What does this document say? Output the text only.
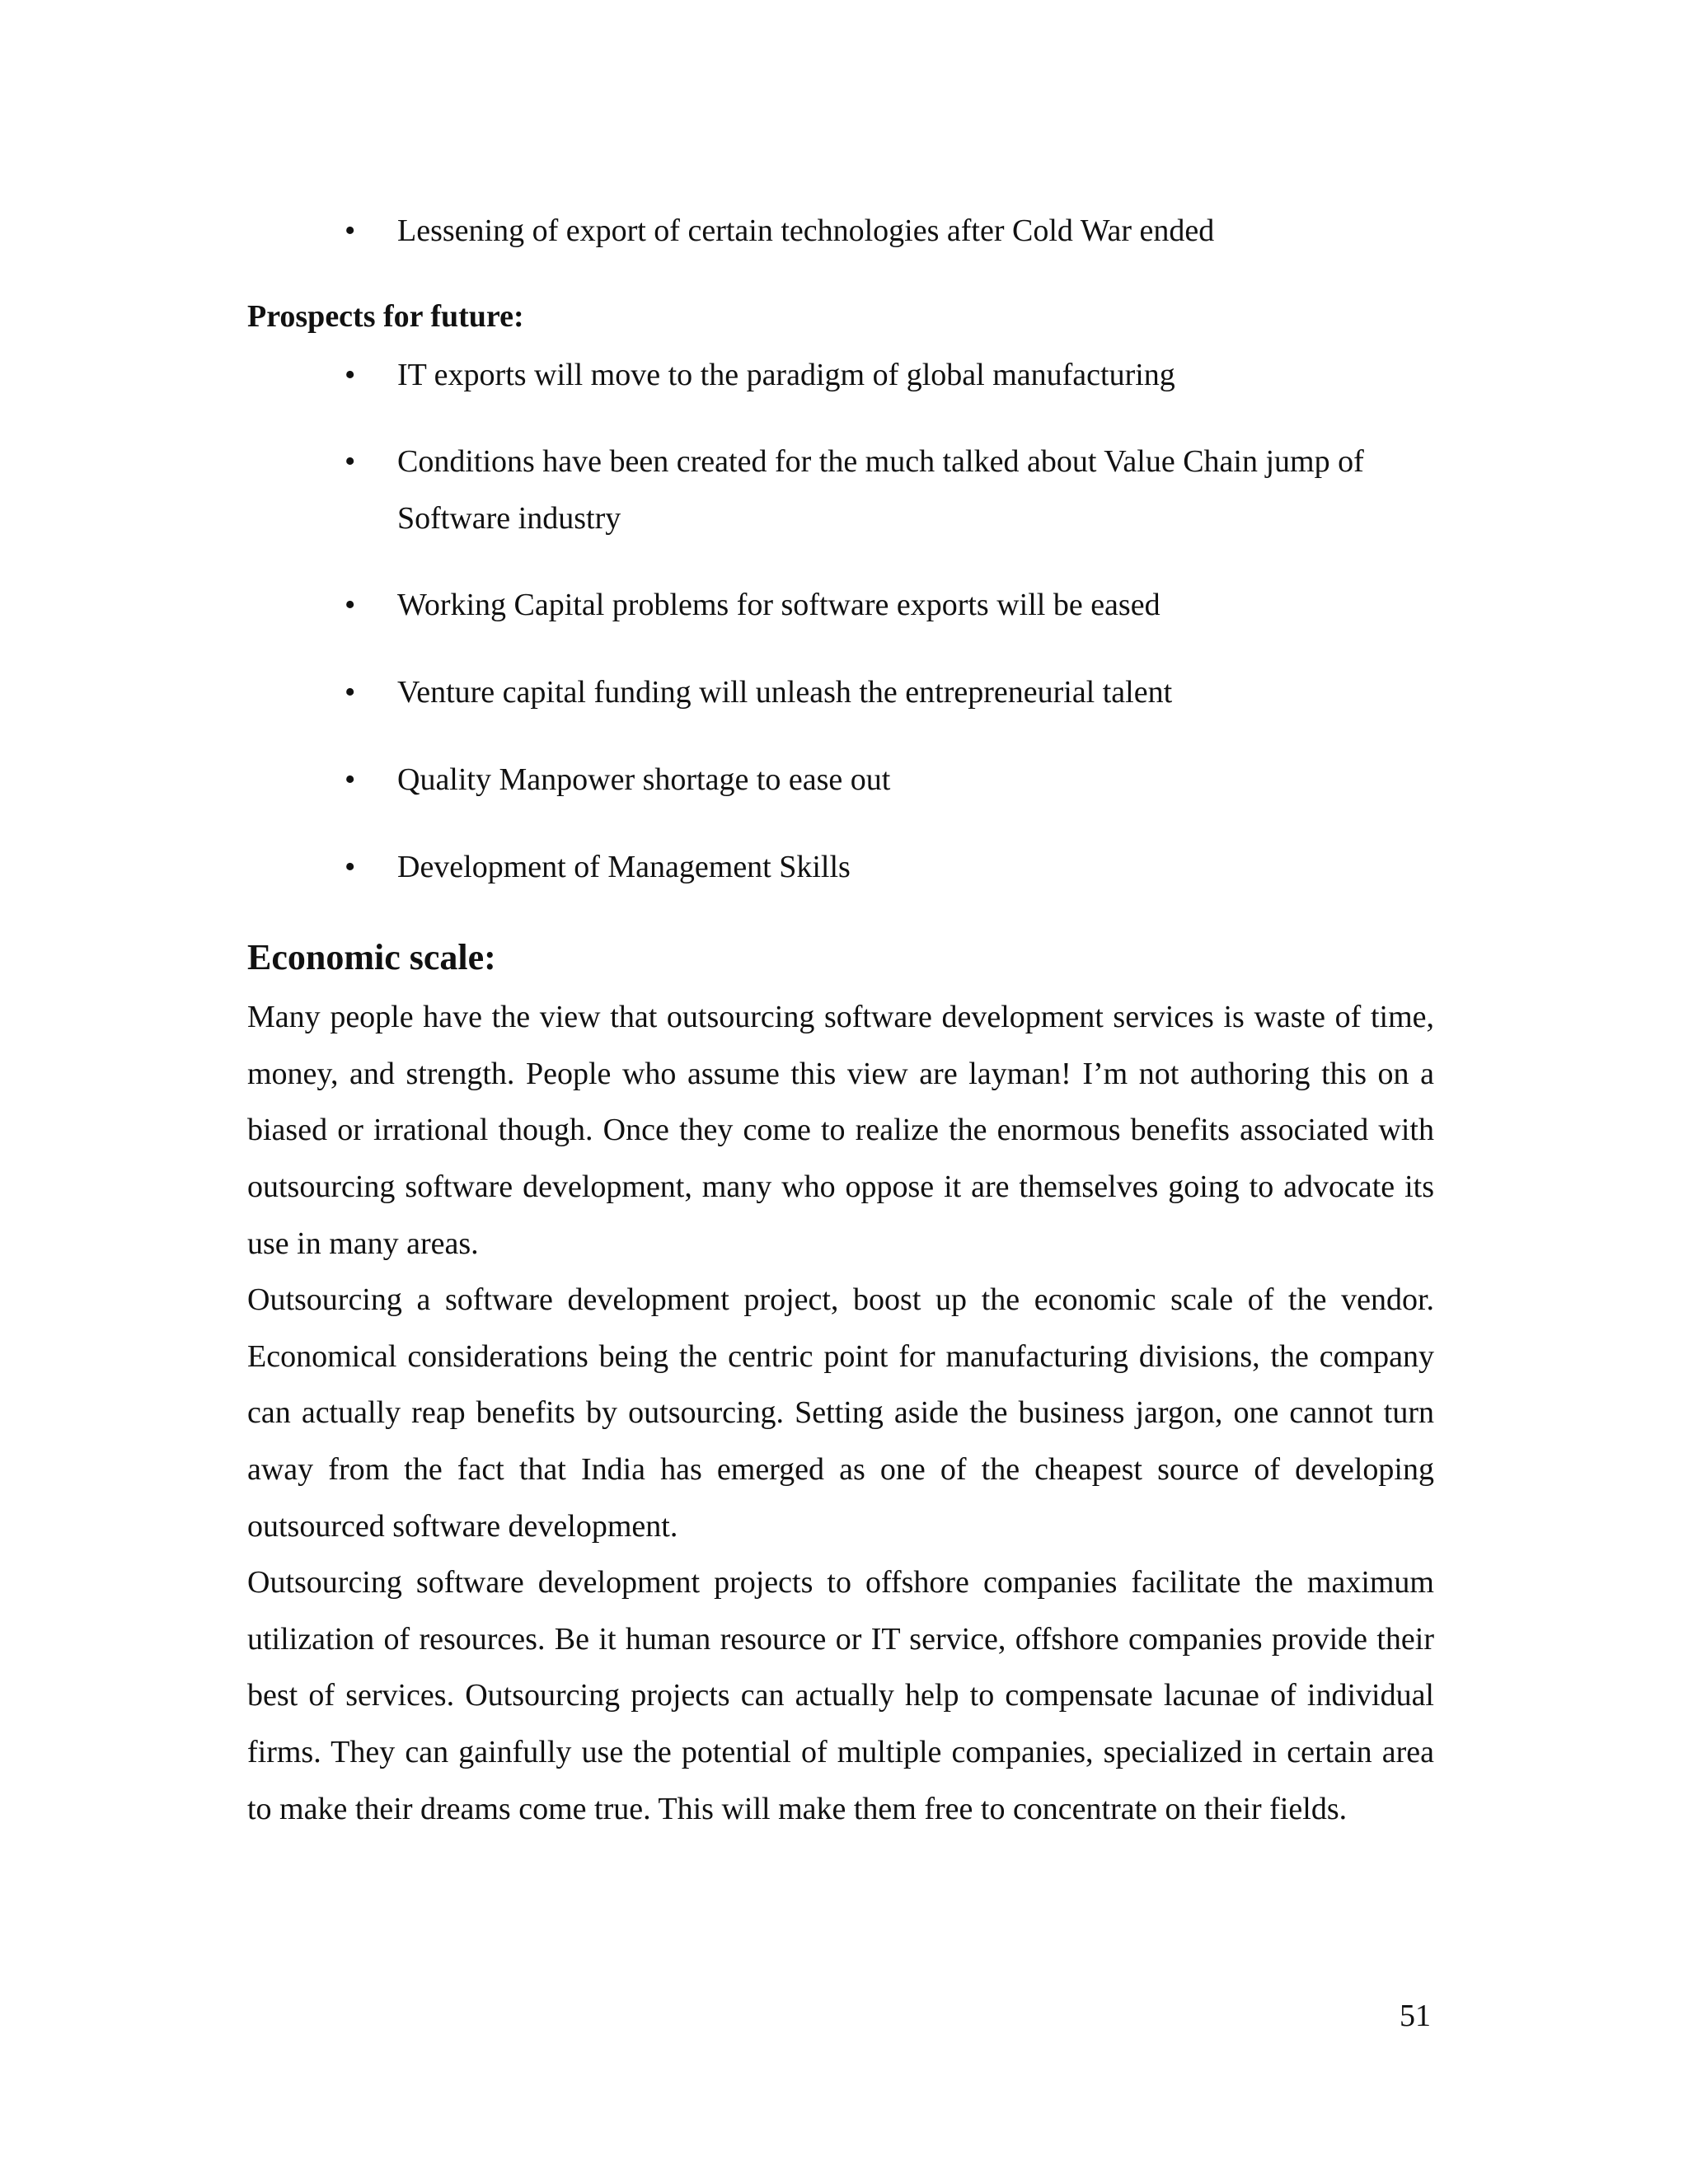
• Lessening of export of certain technologies after Cold War ended
Prospects for future:
• IT exports will move to the paradigm of global manufacturing
• Conditions have been created for the much talked about Value Chain jump of Software industry
• Working Capital problems for software exports will be eased
• Venture capital funding will unleash the entrepreneurial talent
• Quality Manpower shortage to ease out
• Development of Management Skills
Economic scale:

Many people have the view that outsourcing software development services is waste of time, money, and strength. People who assume this view are layman! I’m not authoring this on a biased or irrational though. Once they come to realize the enormous benefits associated with outsourcing software development, many who oppose it are themselves going to advocate its use in many areas.

Outsourcing a software development project, boost up the economic scale of the vendor. Economical considerations being the centric point for manufacturing divisions, the company can actually reap benefits by outsourcing. Setting aside the business jargon, one cannot turn away from the fact that India has emerged as one of the cheapest source of developing outsourced software development.

Outsourcing software development projects to offshore companies facilitate the maximum utilization of resources. Be it human resource or IT service, offshore companies provide their best of services. Outsourcing projects can actually help to compensate lacunae of individual firms. They can gainfully use the potential of multiple companies, specialized in certain area to make their dreams come true. This will make them free to concentrate on their fields.

51
